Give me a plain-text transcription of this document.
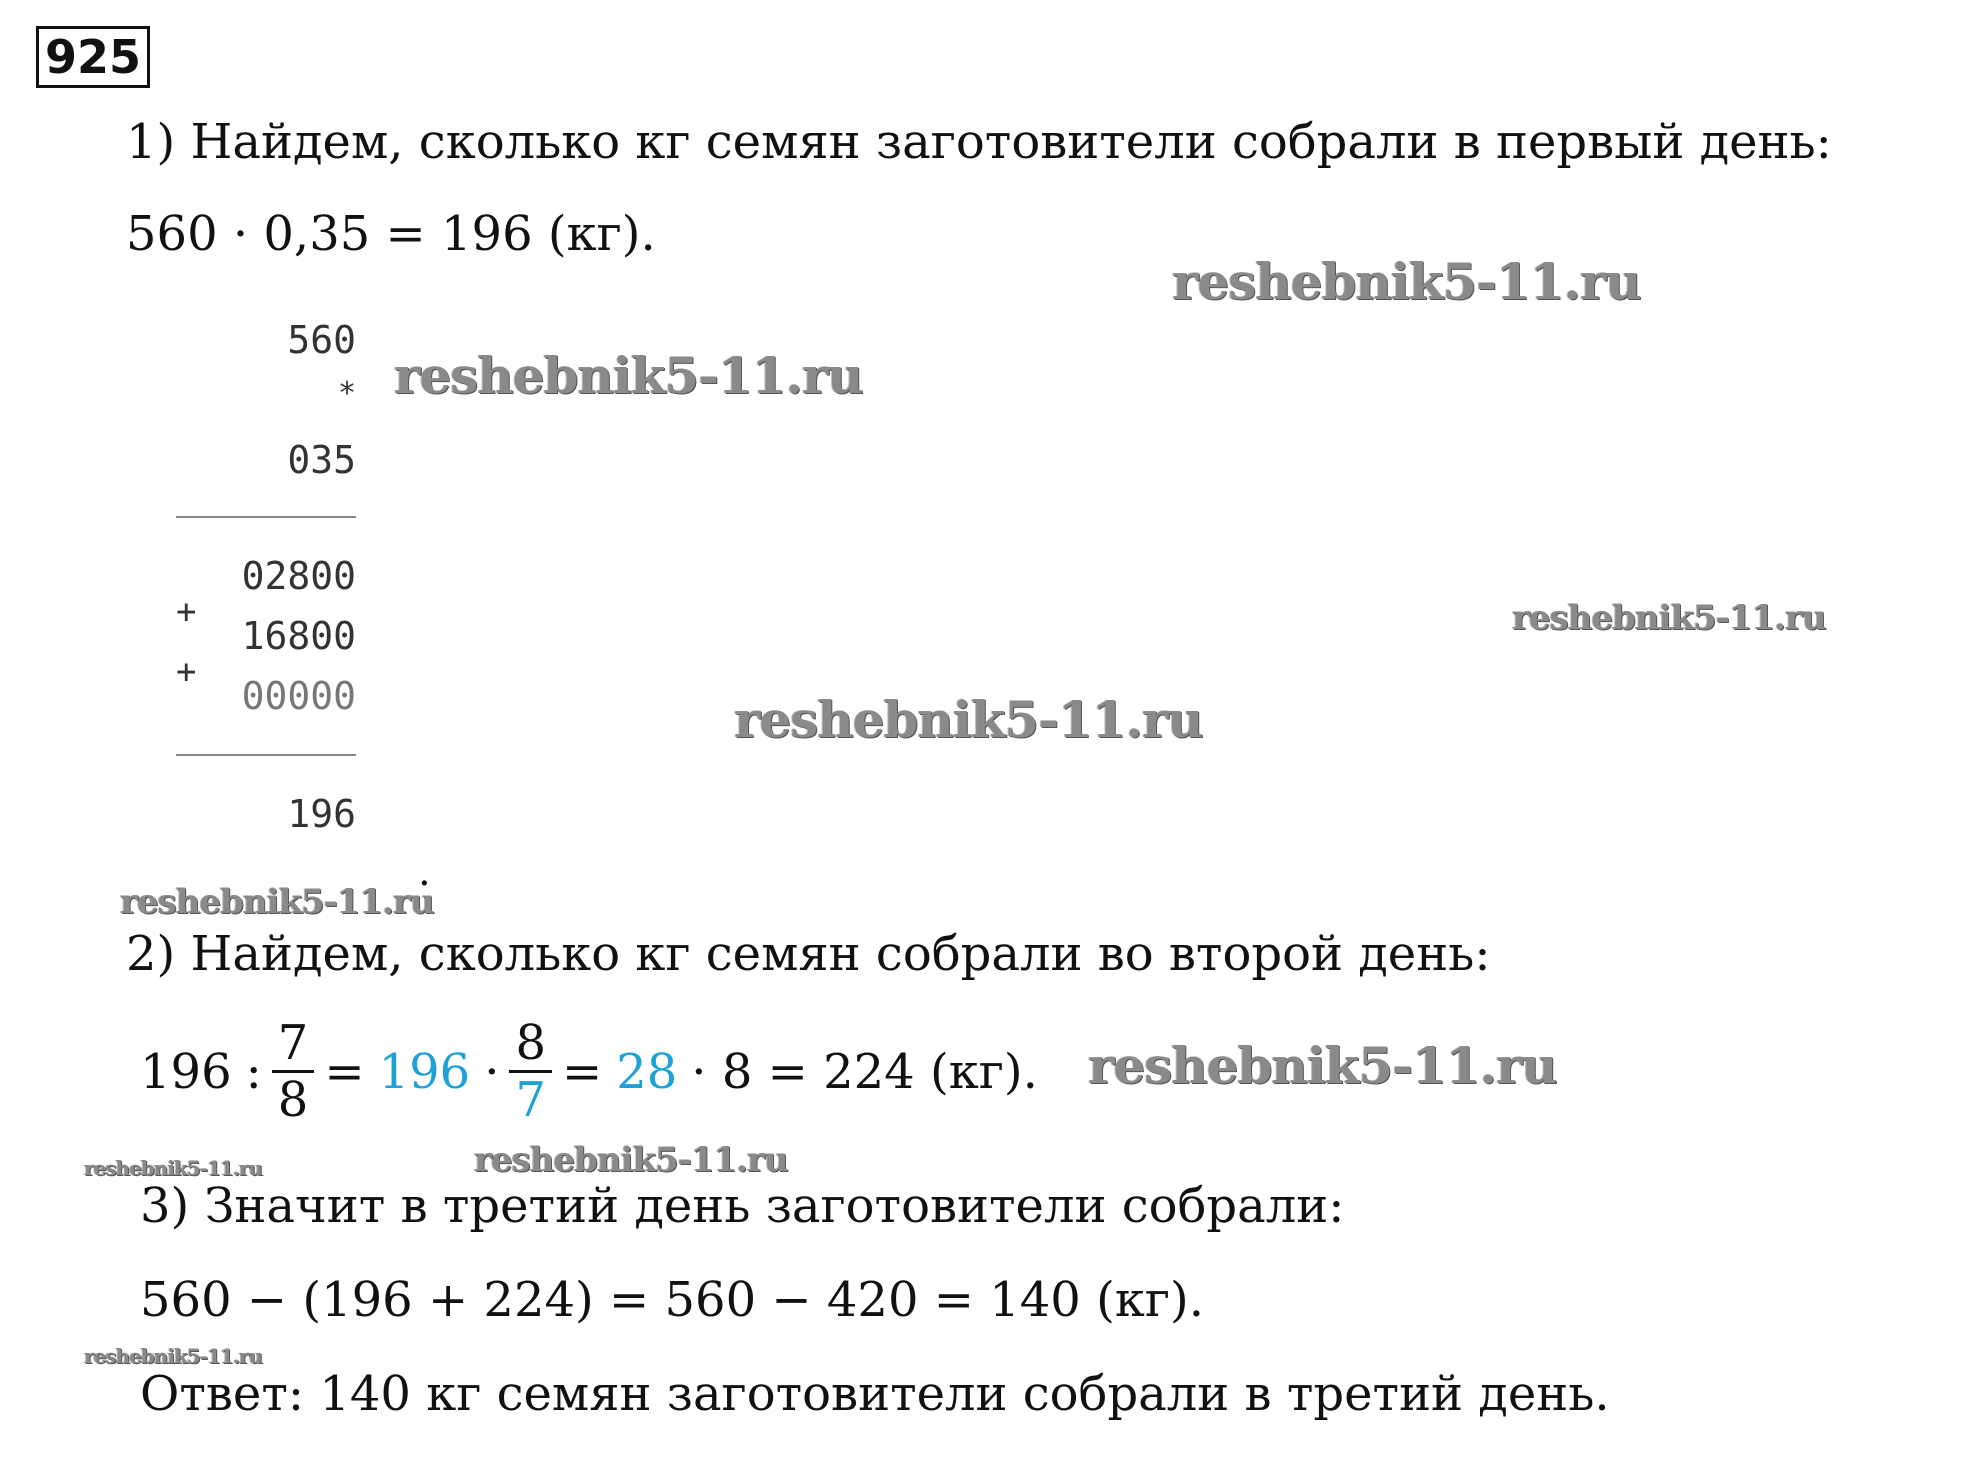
925
1) Найдем, сколько кг семян заготовители собрали в первый день:
560 · 0,35 = 196 (кг).
560
*
035
02800
+
16800
+
00000
196
.
2) Найдем, сколько кг семян собрали во второй день:
196 : $\frac{7}{8} = 196 \cdot \frac{8}{7} = 28 \cdot 8 = 224$ (кг).
3) Значит в третий день заготовители собрали:
560 − (196 + 224) = 560 − 420 = 140 (кг).
Ответ: 140 кг семян заготовители собрали в третий день.
reshebnik5-11.ru
reshebnik5-11.ru
reshebnik5-11.ru
reshebnik5-11.ru
reshebnik5-11.ru
reshebnik5-11.ru
reshebnik5-11.ru	reshebnik5-11.ru
reshebnik5-11.ru
